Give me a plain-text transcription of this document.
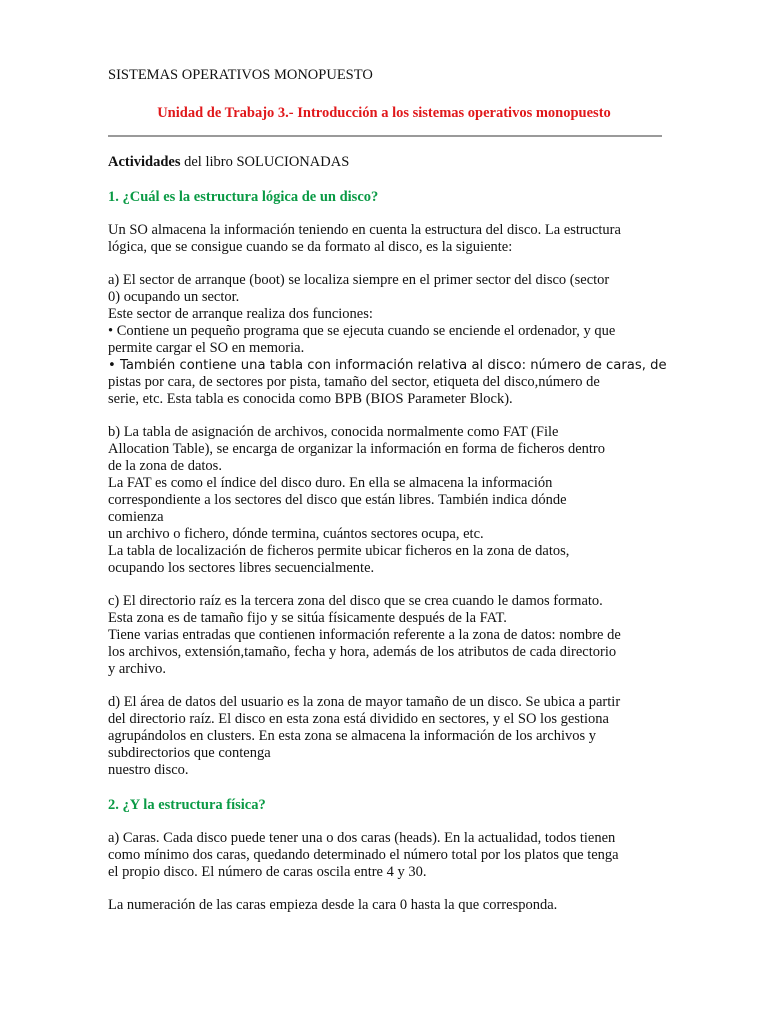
SISTEMAS OPERATIVOS MONOPUESTO

Unidad de Trabajo 3.- Introducción a los sistemas operativos monopuesto

Actividades del libro SOLUCIONADAS

1. ¿Cuál es la estructura lógica de un disco?

Un SO almacena la información teniendo en cuenta la estructura del disco. La estructura
lógica, que se consigue cuando se da formato al disco, es la siguiente:

a) El sector de arranque (boot) se localiza siempre en el primer sector del disco (sector
0) ocupando un sector.
Este sector de arranque realiza dos funciones:
• Contiene un pequeño programa que se ejecuta cuando se enciende el ordenador, y que
permite cargar el SO en memoria.
• También contiene una tabla con información relativa al disco: número de caras, de
pistas por cara, de sectores por pista, tamaño del sector, etiqueta del disco,número de
serie, etc. Esta tabla es conocida como BPB (BIOS Parameter Block).

b) La tabla de asignación de archivos, conocida normalmente como FAT (File
Allocation Table), se encarga de organizar la información en forma de ficheros dentro
de la zona de datos.
La FAT es como el índice del disco duro. En ella se almacena la información
correspondiente a los sectores del disco que están libres. También indica dónde
comienza
un archivo o fichero, dónde termina, cuántos sectores ocupa, etc.
La tabla de localización de ficheros permite ubicar ficheros en la zona de datos,
ocupando los sectores libres secuencialmente.

c) El directorio raíz es la tercera zona del disco que se crea cuando le damos formato.
Esta zona es de tamaño fijo y se sitúa físicamente después de la FAT.
Tiene varias entradas que contienen información referente a la zona de datos: nombre de
los archivos, extensión,tamaño, fecha y hora, además de los atributos de cada directorio
y archivo.

d) El área de datos del usuario es la zona de mayor tamaño de un disco. Se ubica a partir
del directorio raíz. El disco en esta zona está dividido en sectores, y el SO los gestiona
agrupándolos en clusters. En esta zona se almacena la información de los archivos y
subdirectorios que contenga
nuestro disco.

2. ¿Y la estructura física?

a) Caras. Cada disco puede tener una o dos caras (heads). En la actualidad, todos tienen
como mínimo dos caras, quedando determinado el número total por los platos que tenga
el propio disco. El número de caras oscila entre 4 y 30.

La numeración de las caras empieza desde la cara 0 hasta la que corresponda.
